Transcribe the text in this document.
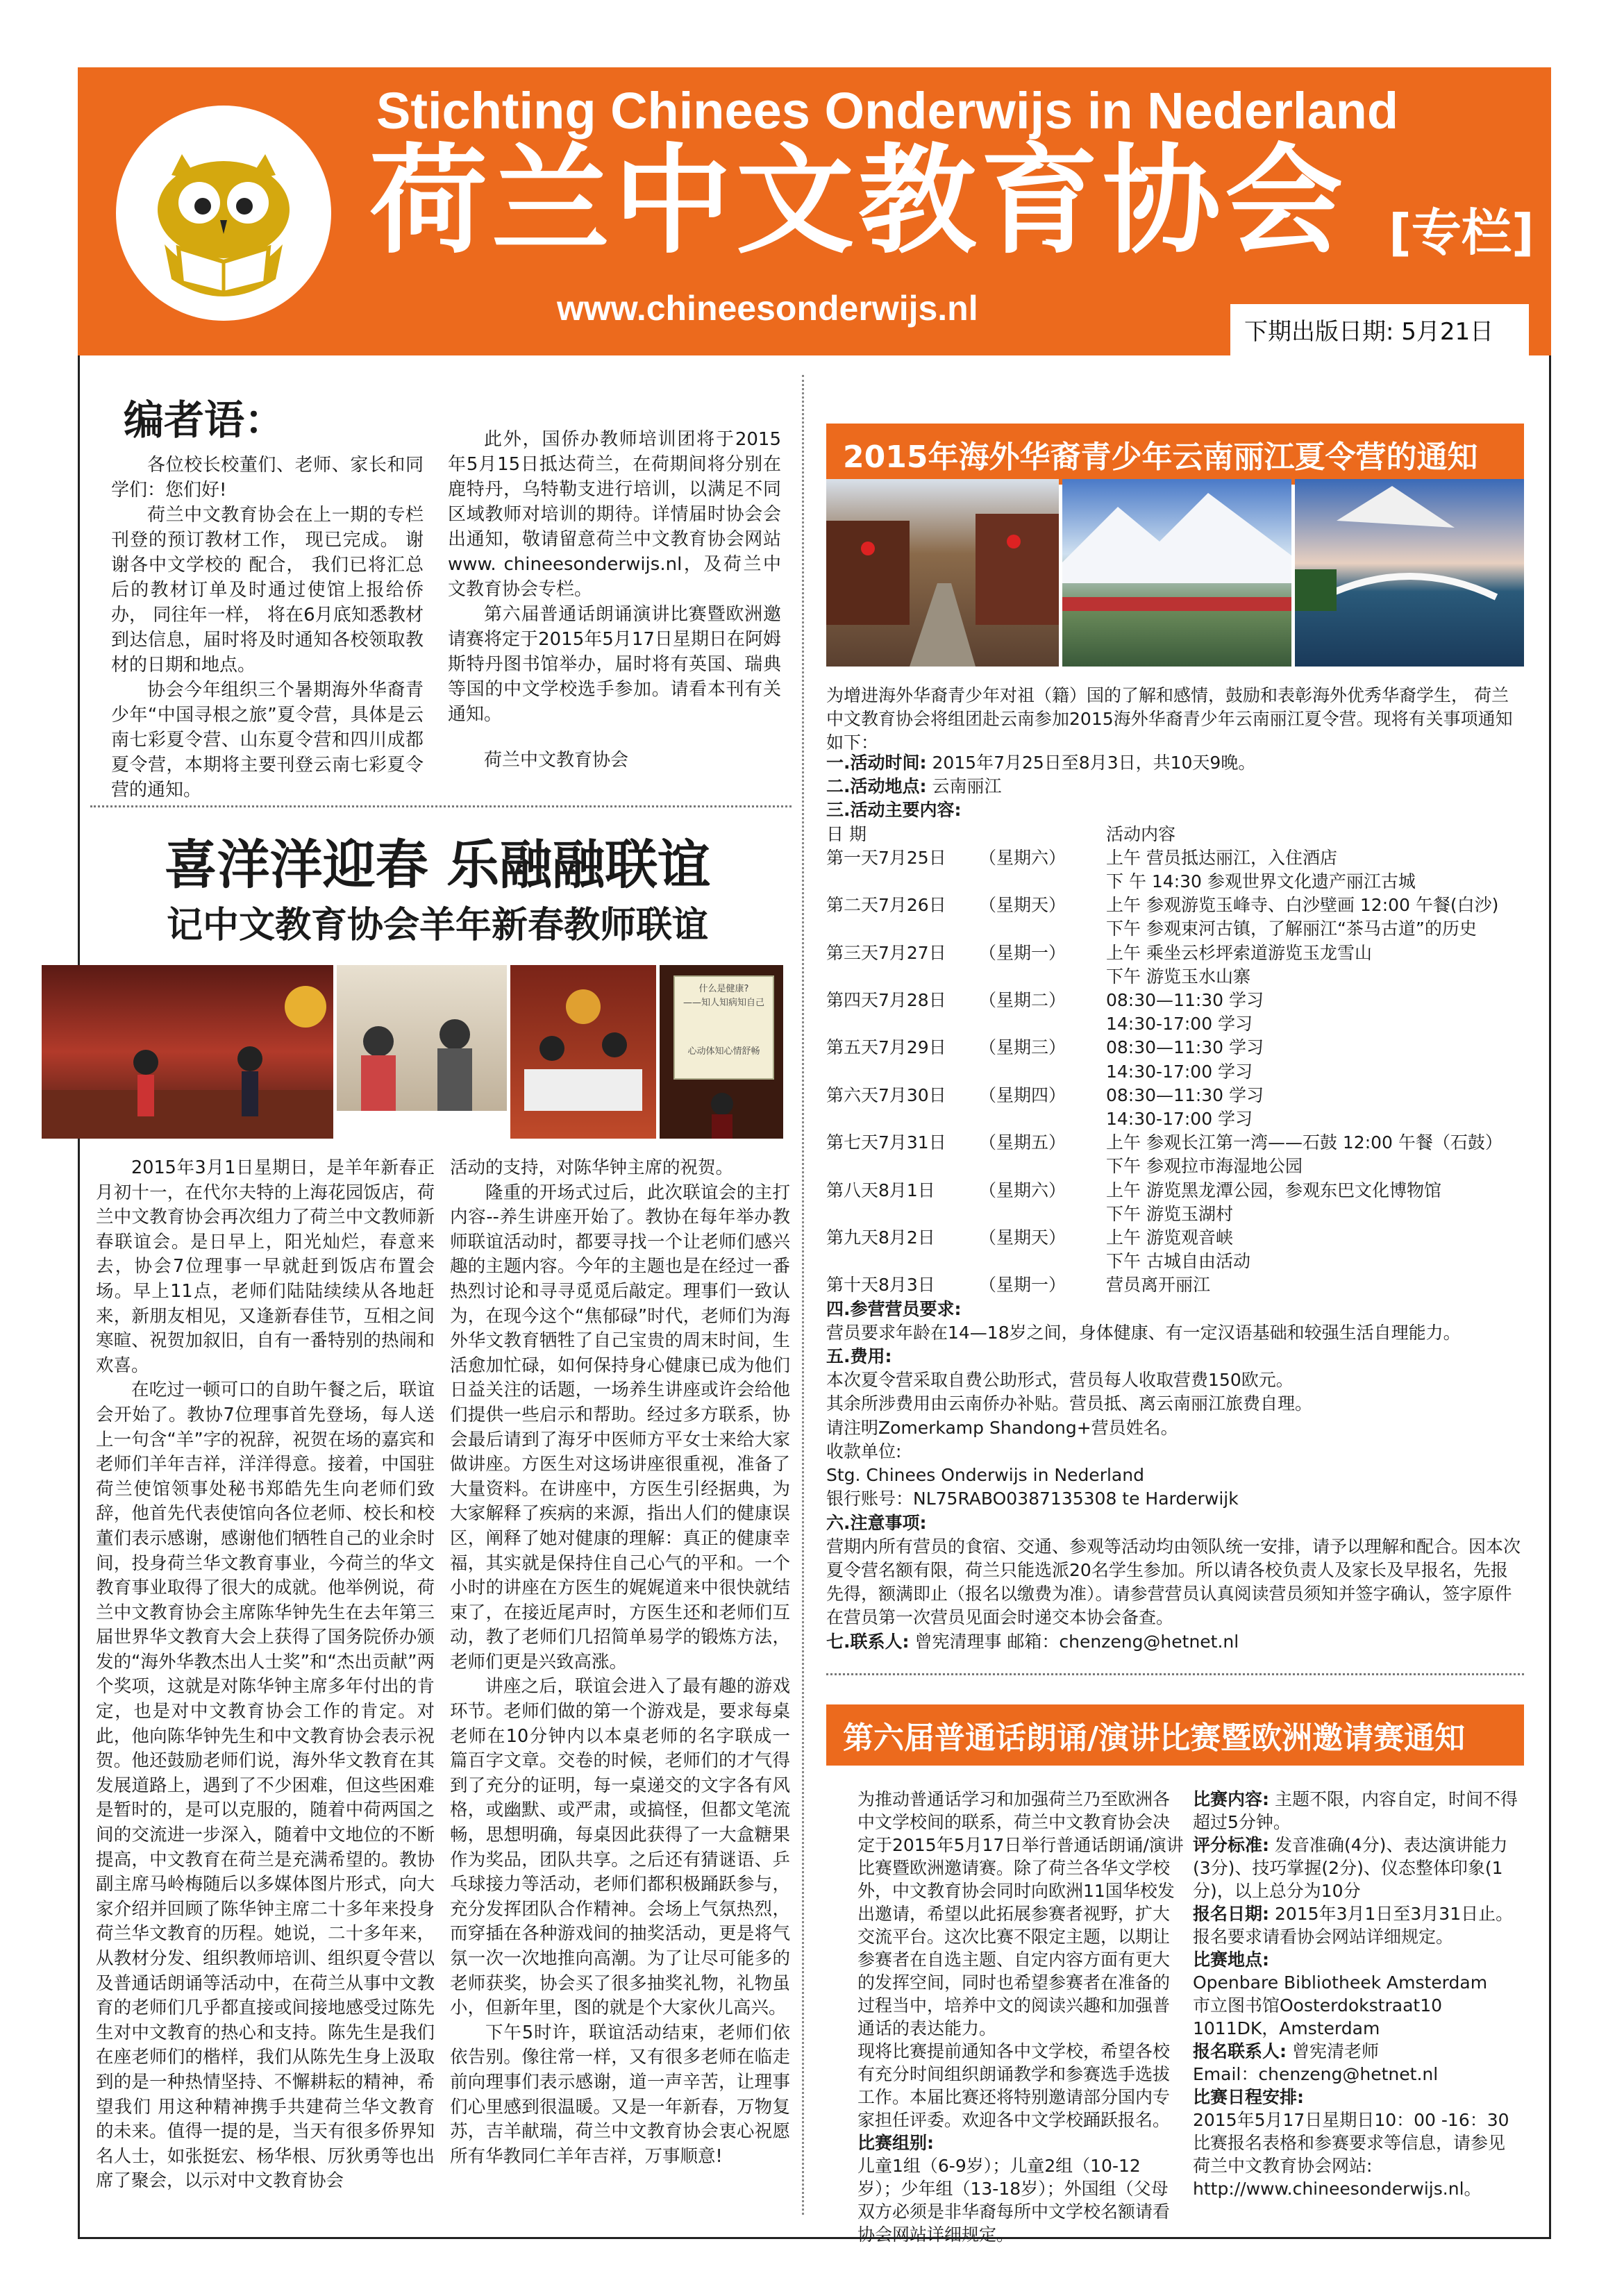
Stichting Chinees Onderwijs in Nederland
荷兰中文教育协会 [专栏]
www.chineesonderwijs.nl
下期出版日期: 5月21日
编者语：

各位校长校董们、老师、家长和同学们：您们好!

荷兰中文教育协会在上一期的专栏刊登的预订教材工作， 现已完成。 谢谢各中文学校的 配合， 我们已将汇总后的教材订单及时通过使馆上报给侨办， 同往年一样， 将在6月底知悉教材到达信息，届时将及时通知各校领取教材的日期和地点。

协会今年组织三个暑期海外华裔青少年“中国寻根之旅”夏令营，具体是云南七彩夏令营、山东夏令营和四川成都夏令营，本期将主要刊登云南七彩夏令营的通知。

此外，国侨办教师培训团将于2015年5月15日抵达荷兰，在荷期间将分别在鹿特丹，乌特勒支进行培训，以满足不同区域教师对培训的期待。详情届时协会会出通知，敬请留意荷兰中文教育协会网站www. chineesonderwijs.nl，及荷兰中文教育协会专栏。

第六届普通话朗诵演讲比赛暨欧洲邀请赛将定于2015年5月17日星期日在阿姆斯特丹图书馆举办，届时将有英国、瑞典等国的中文学校选手参加。请看本刊有关通知。

荷兰中文教育协会

喜洋洋迎春 乐融融联谊
记中文教育协会羊年新春教师联谊
什么是健康?
——知人知病知自己
心动体知心情舒畅

2015年3月1日星期日，是羊年新春正月初十一，在代尔夫特的上海花园饭店，荷兰中文教育协会再次组力了荷兰中文教师新春联谊会。是日早上，阳光灿烂，春意来去，协会7位理事一早就赶到饭店布置会场。早上11点，老师们陆陆续续从各地赶来，新朋友相见，又逢新春佳节，互相之间寒暄、祝贺加叙旧，自有一番特别的热闹和欢喜。

在吃过一顿可口的自助午餐之后，联谊会开始了。教协7位理事首先登场，每人送上一句含“羊”字的祝辞，祝贺在场的嘉宾和老师们羊年吉祥，洋洋得意。接着，中国驻荷兰使馆领事处秘书郑皓先生向老师们致辞，他首先代表使馆向各位老师、校长和校董们表示感谢，感谢他们牺牲自己的业余时间，投身荷兰华文教育事业，今荷兰的华文教育事业取得了很大的成就。他举例说，荷兰中文教育协会主席陈华钟先生在去年第三届世界华文教育大会上获得了国务院侨办颁发的“海外华教杰出人士奖”和“杰出贡献”两个奖项，这就是对陈华钟主席多年付出的肯定，也是对中文教育协会工作的肯定。对此，他向陈华钟先生和中文教育协会表示祝贺。他还鼓励老师们说，海外华文教育在其发展道路上，遇到了不少困难，但这些困难是暂时的，是可以克服的，随着中荷两国之间的交流进一步深入，随着中文地位的不断提高，中文教育在荷兰是充满希望的。教协副主席马岭梅随后以多媒体图片形式，向大家介绍并回顾了陈华钟主席二十多年来投身荷兰华文教育的历程。她说，二十多年来，从教材分发、组织教师培训、组织夏令营以及普通话朗诵等活动中，在荷兰从事中文教育的老师们几乎都直接或间接地感受过陈先生对中文教育的热心和支持。陈先生是我们在座老师们的楷样，我们从陈先生身上汲取到的是一种热情坚持、不懈耕耘的精神，希望我们 用这种精神携手共建荷兰华文教育的未来。值得一提的是，当天有很多侨界知名人士，如张挺宏、杨华根、厉狄勇等也出席了聚会，以示对中文教育协会

活动的支持，对陈华钟主席的祝贺。

隆重的开场式过后，此次联谊会的主打内容--养生讲座开始了。教协在每年举办教师联谊活动时，都要寻找一个让老师们感兴趣的主题内容。今年的主题也是在经过一番热烈讨论和寻寻觅觅后敲定。理事们一致认为，在现今这个“焦郁碌”时代，老师们为海外华文教育牺牲了自己宝贵的周末时间，生活愈加忙碌，如何保持身心健康已成为他们日益关注的话题，一场养生讲座或许会给他们提供一些启示和帮助。经过多方联系，协会最后请到了海牙中医师方平女士来给大家做讲座。方医生对这场讲座很重视，准备了大量资料。在讲座中，方医生引经据典，为大家解释了疾病的来源，指出人们的健康误区，阐释了她对健康的理解：真正的健康幸福，其实就是保持住自己心气的平和。一个小时的讲座在方医生的娓娓道来中很快就结束了，在接近尾声时，方医生还和老师们互动，教了老师们几招简单易学的锻炼方法，老师们更是兴致高涨。

讲座之后，联谊会进入了最有趣的游戏环节。老师们做的第一个游戏是，要求每桌老师在10分钟内以本桌老师的名字联成一篇百字文章。交卷的时候，老师们的才气得到了充分的证明，每一桌递交的文字各有风格，或幽默、或严肃，或搞怪，但都文笔流畅，思想明确，每桌因此获得了一大盒糖果作为奖品，团队共享。之后还有猜谜语、乒乓球接力等活动，老师们都积极踊跃参与，充分发挥团队合作精神。会场上气氛热烈，而穿插在各种游戏间的抽奖活动，更是将气氛一次一次地推向高潮。为了让尽可能多的老师获奖，协会买了很多抽奖礼物，礼物虽小，但新年里，图的就是个大家伙儿高兴。

下午5时许，联谊活动结束，老师们依依告别。像往常一样，又有很多老师在临走前向理事们表示感谢，道一声辛苦，让理事们心里感到很温暖。又是一年新春，万物复苏，吉羊献瑞，荷兰中文教育协会衷心祝愿所有华教同仁羊年吉祥，万事顺意!

2015年海外华裔青少年云南丽江夏令营的通知
为增进海外华裔青少年对祖（籍）国的了解和感情，鼓励和表彰海外优秀华裔学生， 荷兰中文教育协会将组团赴云南参加2015海外华裔青少年云南丽江夏令营。现将有关事项通知如下：
一.活动时间: 2015年7月25日至8月3日，共10天9晚。
二.活动地点: 云南丽江
三.活动主要内容:
日 期	活动内容
第一天7月25日	（星期六）	上午 营员抵达丽江，入住酒店
下 午 14:30 参观世界文化遗产丽江古城
第二天7月26日	（星期天）	上午 参观游览玉峰寺、白沙壁画 12:00 午餐(白沙)
下午 参观束河古镇，了解丽江“茶马古道”的历史
第三天7月27日	（星期一）	上午 乘坐云杉坪索道游览玉龙雪山
下午 游览玉水山寨
第四天7月28日	（星期二）	08:30—11:30 学习
14:30-17:00 学习
第五天7月29日	（星期三）	08:30—11:30 学习
14:30-17:00 学习
第六天7月30日	（星期四）	08:30—11:30 学习
14:30-17:00 学习
第七天7月31日	（星期五）	上午 参观长江第一湾——石鼓 12:00 午餐（石鼓）
下午 参观拉市海湿地公园
第八天8月1日	（星期六）	上午 游览黑龙潭公园，参观东巴文化博物馆
下午 游览玉湖村
第九天8月2日	（星期天）	上午 游览观音峡
下午 古城自由活动
第十天8月3日	（星期一）	营员离开丽江
四.参营营员要求:
营员要求年龄在14—18岁之间，身体健康、有一定汉语基础和较强生活自理能力。
五.费用:
本次夏令营采取自费公助形式，营员每人收取营费150欧元。
其余所涉费用由云南侨办补贴。营员抵、离云南丽江旅费自理。
请注明Zomerkamp Shandong+营员姓名。
收款单位:
Stg. Chinees Onderwijs in Nederland
银行账号：NL75RABO0387135308 te Harderwijk
六.注意事项:
营期内所有营员的食宿、交通、参观等活动均由领队统一安排，请予以理解和配合。因本次夏令营名额有限，荷兰只能选派20名学生参加。所以请各校负责人及家长及早报名，先报先得，额满即止（报名以缴费为准）。请参营营员认真阅读营员须知并签字确认，签字原件在营员第一次营员见面会时递交本协会备查。
七.联系人: 曾宪清理事 邮箱：chenzeng@hetnet.nl
第六届普通话朗诵/演讲比赛暨欧洲邀请赛通知
为推动普通话学习和加强荷兰乃至欧洲各中文学校间的联系，荷兰中文教育协会决定于2015年5月17日举行普通话朗诵/演讲比赛暨欧洲邀请赛。除了荷兰各华文学校外，中文教育协会同时向欧洲11国华校发出邀请，希望以此拓展参赛者视野，扩大交流平台。这次比赛不限定主题，以期让参赛者在自选主题、自定内容方面有更大的发挥空间，同时也希望参赛者在准备的过程当中，培养中文的阅读兴趣和加强普通话的表达能力。
现将比赛提前通知各中文学校，希望各校有充分时间组织朗诵教学和参赛选手选拔工作。本届比赛还将特别邀请部分国内专家担任评委。欢迎各中文学校踊跃报名。
比赛组别:
儿童1组（6-9岁）；儿童2组（10-12岁）；少年组（13-18岁）；外国组（父母双方必须是非华裔每所中文学校名额请看协会网站详细规定。
比赛内容: 主题不限，内容自定，时间不得超过5分钟。
评分标准: 发音准确(4分)、表达演讲能力(3分)、技巧掌握(2分)、仪态整体印象(1分)，以上总分为10分
报名日期: 2015年3月1日至3月31日止。报名要求请看协会网站详细规定。
比赛地点:
Openbare Bibliotheek Amsterdam
市立图书馆Oosterdokstraat10
1011DK，Amsterdam
报名联系人: 曾宪清老师
Email：chenzeng@hetnet.nl
比赛日程安排:
2015年5月17日星期日10：00 -16：30 比赛报名表格和参赛要求等信息，请参见荷兰中文教育协会网站: http://www.chineesonderwijs.nl。
